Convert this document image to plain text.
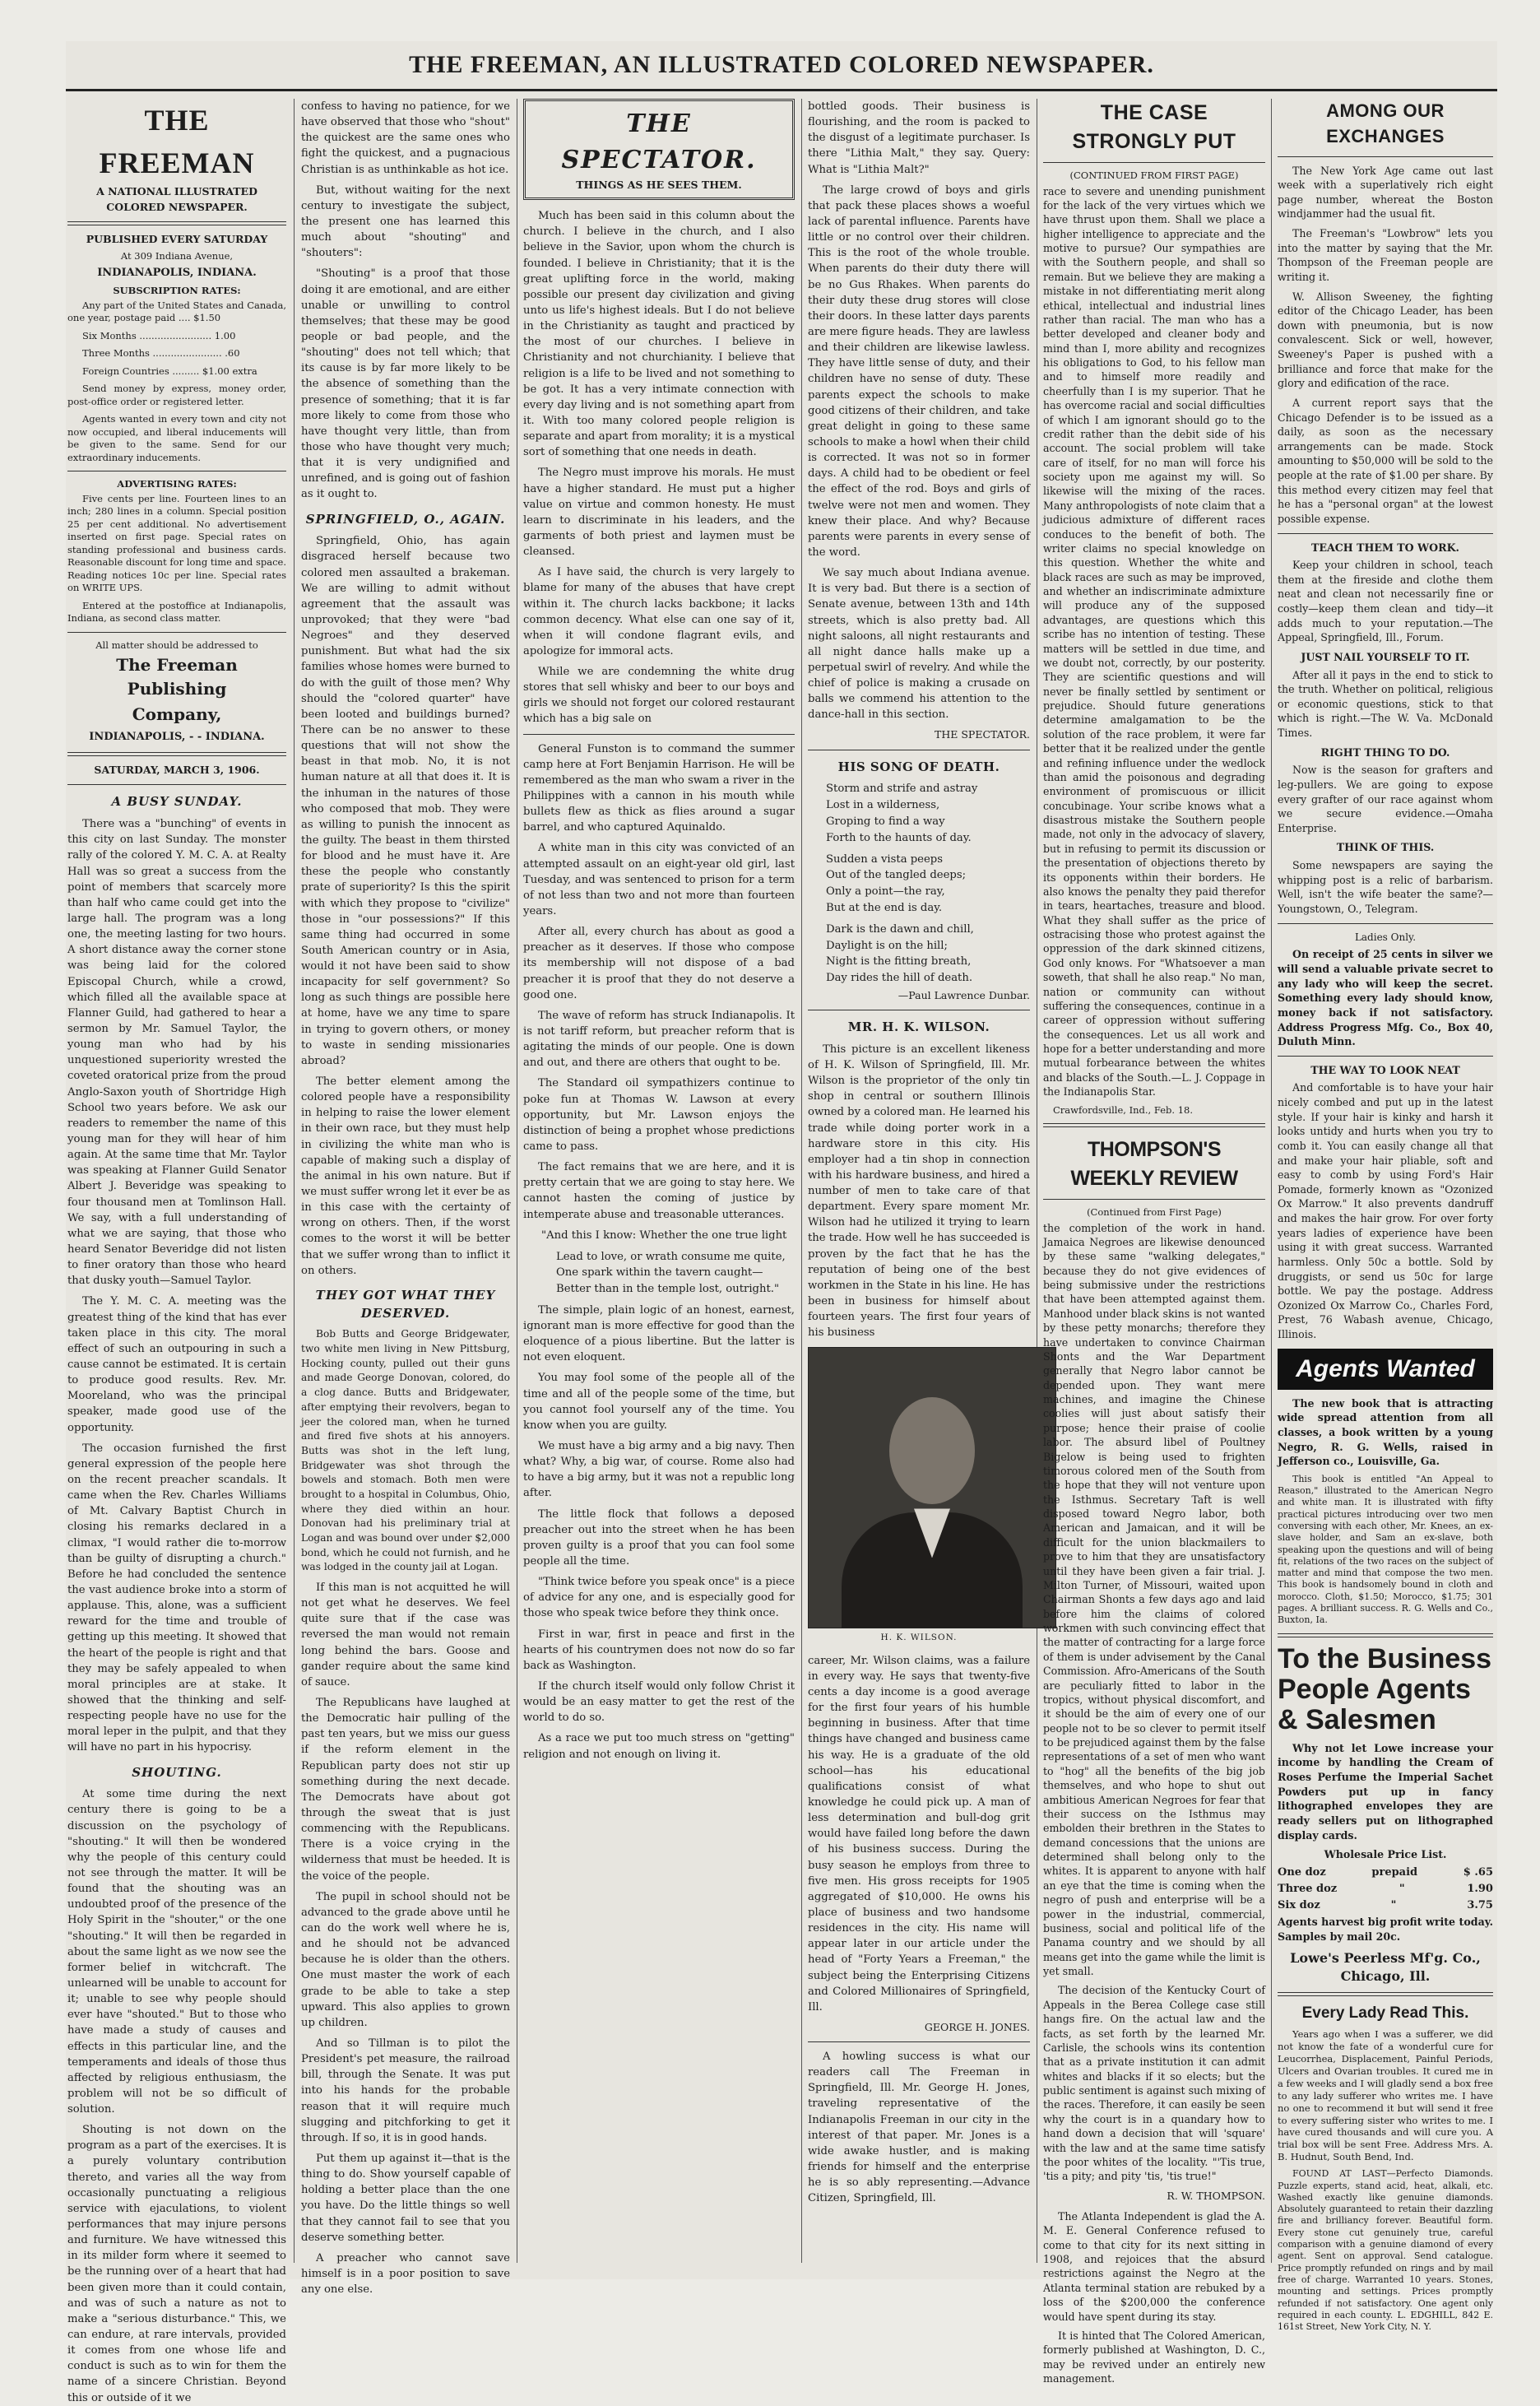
THE FREEMAN, AN ILLUSTRATED COLORED NEWSPAPER.
THE FREEMAN
A NATIONAL ILLUSTRATED
COLORED NEWSPAPER.
PUBLISHED EVERY SATURDAY
At 309 Indiana Avenue,
INDIANAPOLIS, INDIANA.
SUBSCRIPTION RATES:

Any part of the United States and Canada, one year, postage paid .... $1.50

Six Months ........................ 1.00

Three Months ....................... .60

Foreign Countries ......... $1.00 extra

Send money by express, money order, post-office order or registered letter.

Agents wanted in every town and city not now occupied, and liberal inducements will be given to the same. Send for our extraordinary inducements.

ADVERTISING RATES:

Five cents per line. Fourteen lines to an inch; 280 lines in a column. Special position 25 per cent additional. No advertisement inserted on first page. Special rates on standing professional and business cards. Reasonable discount for long time and space. Reading notices 10c per line. Special rates on WRITE UPS.

Entered at the postoffice at Indianapolis, Indiana, as second class matter.

All matter should be addressed to
The Freeman Publishing
Company,
INDIANAPOLIS, - - INDIANA.
SATURDAY, MARCH 3, 1906.
A BUSY SUNDAY.

There was a "bunching" of events in this city on last Sunday. The monster rally of the colored Y. M. C. A. at Realty Hall was so great a success from the point of members that scarcely more than half who came could get into the large hall. The program was a long one, the meeting lasting for two hours. A short distance away the corner stone was being laid for the colored Episcopal Church, while a crowd, which filled all the available space at Flanner Guild, had gathered to hear a sermon by Mr. Samuel Taylor, the young man who had by his unquestioned superiority wrested the coveted oratorical prize from the proud Anglo-Saxon youth of Shortridge High School two years before. We ask our readers to remember the name of this young man for they will hear of him again. At the same time that Mr. Taylor was speaking at Flanner Guild Senator Albert J. Beveridge was speaking to four thousand men at Tomlinson Hall. We say, with a full understanding of what we are saying, that those who heard Senator Beveridge did not listen to finer oratory than those who heard that dusky youth—Samuel Taylor.

The Y. M. C. A. meeting was the greatest thing of the kind that has ever taken place in this city. The moral effect of such an outpouring in such a cause cannot be estimated. It is certain to produce good results. Rev. Mr. Mooreland, who was the principal speaker, made good use of the opportunity.

The occasion furnished the first general expression of the people here on the recent preacher scandals. It came when the Rev. Charles Williams of Mt. Calvary Baptist Church in closing his remarks declared in a climax, "I would rather die to-morrow than be guilty of disrupting a church." Before he had concluded the sentence the vast audience broke into a storm of applause. This, alone, was a sufficient reward for the time and trouble of getting up this meeting. It showed that the heart of the people is right and that they may be safely appealed to when moral principles are at stake. It showed that the thinking and self-respecting people have no use for the moral leper in the pulpit, and that they will have no part in his hypocrisy.

SHOUTING.

At some time during the next century there is going to be a discussion on the psychology of "shouting." It will then be wondered why the people of this century could not see through the matter. It will be found that the shouting was an undoubted proof of the presence of the Holy Spirit in the "shouter," or the one "shouting." It will then be regarded in about the same light as we now see the former belief in witchcraft. The unlearned will be unable to account for it; unable to see why people should ever have "shouted." But to those who have made a study of causes and effects in this particular line, and the temperaments and ideals of those thus affected by religious enthusiasm, the problem will not be so difficult of solution.

Shouting is not down on the program as a part of the exercises. It is a purely voluntary contribution thereto, and varies all the way from occasionally punctuating a religious service with ejaculations, to violent performances that may injure persons and furniture. We have witnessed this in its milder form where it seemed to be the running over of a heart that had been given more than it could contain, and was of such a nature as not to make a "serious disturbance." This, we can endure, at rare intervals, provided it comes from one whose life and conduct is such as to win for them the name of a sincere Christian. Beyond this or outside of it we

confess to having no patience, for we have observed that those who "shout" the quickest are the same ones who fight the quickest, and a pugnacious Christian is as unthinkable as hot ice.

But, without waiting for the next century to investigate the subject, the present one has learned this much about "shouting" and "shouters":

"Shouting" is a proof that those doing it are emotional, and are either unable or unwilling to control themselves; that these may be good people or bad people, and the "shouting" does not tell which; that its cause is by far more likely to be the absence of something than the presence of something; that it is far more likely to come from those who have thought very little, than from those who have thought very much; that it is very undignified and unrefined, and is going out of fashion as it ought to.

SPRINGFIELD, O., AGAIN.

Springfield, Ohio, has again disgraced herself because two colored men assaulted a brakeman. We are willing to admit without agreement that the assault was unprovoked; that they were "bad Negroes" and they deserved punishment. But what had the six families whose homes were burned to do with the guilt of those men? Why should the "colored quarter" have been looted and buildings burned? There can be no answer to these questions that will not show the beast in that mob. No, it is not human nature at all that does it. It is the inhuman in the natures of those who composed that mob. They were as willing to punish the innocent as the guilty. The beast in them thirsted for blood and he must have it. Are these the people who constantly prate of superiority? Is this the spirit with which they propose to "civilize" those in "our possessions?" If this same thing had occurred in some South American country or in Asia, would it not have been said to show incapacity for self government? So long as such things are possible here at home, have we any time to spare in trying to govern others, or money to waste in sending missionaries abroad?

The better element among the colored people have a responsibility in helping to raise the lower element in their own race, but they must help in civilizing the white man who is capable of making such a display of the animal in his own nature. But if we must suffer wrong let it ever be as in this case with the certainty of wrong on others. Then, if the worst comes to the worst it will be better that we suffer wrong than to inflict it on others.

THEY GOT WHAT THEY
DESERVED.

Bob Butts and George Bridgewater, two white men living in New Pittsburg, Hocking county, pulled out their guns and made George Donovan, colored, do a clog dance. Butts and Bridgewater, after emptying their revolvers, began to jeer the colored man, when he turned and fired five shots at his annoyers. Butts was shot in the left lung, Bridgewater was shot through the bowels and stomach. Both men were brought to a hospital in Columbus, Ohio, where they died within an hour. Donovan had his preliminary trial at Logan and was bound over under $2,000 bond, which he could not furnish, and he was lodged in the county jail at Logan.

If this man is not acquitted he will not get what he deserves. We feel quite sure that if the case was reversed the man would not remain long behind the bars. Goose and gander require about the same kind of sauce.

The Republicans have laughed at the Democratic hair pulling of the past ten years, but we miss our guess if the reform element in the Republican party does not stir up something during the next decade. The Democrats have about got through the sweat that is just commencing with the Republicans. There is a voice crying in the wilderness that must be heeded. It is the voice of the people.

The pupil in school should not be advanced to the grade above until he can do the work well where he is, and he should not be advanced because he is older than the others. One must master the work of each grade to be able to take a step upward. This also applies to grown up children.

And so Tillman is to pilot the President's pet measure, the railroad bill, through the Senate. It was put into his hands for the probable reason that it will require much slugging and pitchforking to get it through. If so, it is in good hands.

Put them up against it—that is the thing to do. Show yourself capable of holding a better place than the one you have. Do the little things so well that they cannot fail to see that you deserve something better.

A preacher who cannot save himself is in a poor position to save any one else.

THE SPECTATOR.
THINGS AS HE SEES THEM.

Much has been said in this column about the church. I believe in the church, and I also believe in the Savior, upon whom the church is founded. I believe in Christianity; that it is the great uplifting force in the world, making possible our present day civilization and giving unto us life's highest ideals. But I do not believe in the Christianity as taught and practiced by the most of our churches. I believe in Christianity and not churchianity. I believe that religion is a life to be lived and not something to be got. It has a very intimate connection with every day living and is not something apart from it. With too many colored people religion is separate and apart from morality; it is a mystical sort of something that one needs in death.

The Negro must improve his morals. He must have a higher standard. He must put a higher value on virtue and common honesty. He must learn to discriminate in his leaders, and the garments of both priest and laymen must be cleansed.

As I have said, the church is very largely to blame for many of the abuses that have crept within it. The church lacks backbone; it lacks common decency. What else can one say of it, when it will condone flagrant evils, and apologize for immoral acts.

While we are condemning the white drug stores that sell whisky and beer to our boys and girls we should not forget our colored restaurant which has a big sale on

General Funston is to command the summer camp here at Fort Benjamin Harrison. He will be remembered as the man who swam a river in the Philippines with a cannon in his mouth while bullets flew as thick as flies around a sugar barrel, and who captured Aquinaldo.

A white man in this city was convicted of an attempted assault on an eight-year old girl, last Tuesday, and was sentenced to prison for a term of not less than two and not more than fourteen years.

After all, every church has about as good a preacher as it deserves. If those who compose its membership will not dispose of a bad preacher it is proof that they do not deserve a good one.

The wave of reform has struck Indianapolis. It is not tariff reform, but preacher reform that is agitating the minds of our people. One is down and out, and there are others that ought to be.

The Standard oil sympathizers continue to poke fun at Thomas W. Lawson at every opportunity, but Mr. Lawson enjoys the distinction of being a prophet whose predictions came to pass.

The fact remains that we are here, and it is pretty certain that we are going to stay here. We cannot hasten the coming of justice by intemperate abuse and treasonable utterances.

"And this I know: Whether the one true light
Lead to love, or wrath consume me quite,
One spark within the tavern caught—
Better than in the temple lost, outright."

The simple, plain logic of an honest, earnest, ignorant man is more effective for good than the eloquence of a pious libertine. But the latter is not even eloquent.

You may fool some of the people all of the time and all of the people some of the time, but you cannot fool yourself any of the time. You know when you are guilty.

We must have a big army and a big navy. Then what? Why, a big war, of course. Rome also had to have a big army, but it was not a republic long after.

The little flock that follows a deposed preacher out into the street when he has been proven guilty is a proof that you can fool some people all the time.

"Think twice before you speak once" is a piece of advice for any one, and is especially good for those who speak twice before they think once.

First in war, first in peace and first in the hearts of his countrymen does not now do so far back as Washington.

If the church itself would only follow Christ it would be an easy matter to get the rest of the world to do so.

As a race we put too much stress on "getting" religion and not enough on living it.

bottled goods. Their business is flourishing, and the room is packed to the disgust of a legitimate purchaser. Is there "Lithia Malt," they say. Query: What is "Lithia Malt?"

The large crowd of boys and girls that pack these places shows a woeful lack of parental influence. Parents have little or no control over their children. This is the root of the whole trouble. When parents do their duty there will be no Gus Rhakes. When parents do their duty these drug stores will close their doors. In these latter days parents are mere figure heads. They are lawless and their children are likewise lawless. They have little sense of duty, and their children have no sense of duty. These parents expect the schools to make good citizens of their children, and take great delight in going to these same schools to make a howl when their child is corrected. It was not so in former days. A child had to be obedient or feel the effect of the rod. Boys and girls of twelve were not men and women. They knew their place. And why? Because parents were parents in every sense of the word.

We say much about Indiana avenue. It is very bad. But there is a section of Senate avenue, between 13th and 14th streets, which is also pretty bad. All night saloons, all night restaurants and all night dance halls make up a perpetual swirl of revelry. And while the chief of police is making a crusade on balls we commend his attention to the dance-hall in this section.

THE SPECTATOR.
HIS SONG OF DEATH.
Storm and strife and astray
Lost in a wilderness,
Groping to find a way
Forth to the haunts of day.
Sudden a vista peeps
Out of the tangled deeps;
Only a point—the ray,
But at the end is day.
Dark is the dawn and chill,
Daylight is on the hill;
Night is the fitting breath,
Day rides the hill of death.
—Paul Lawrence Dunbar.
MR. H. K. WILSON.

This picture is an excellent likeness of H. K. Wilson of Springfield, Ill. Mr. Wilson is the proprietor of the only tin shop in central or southern Illinois owned by a colored man. He learned his trade while doing porter work in a hardware store in this city. His employer had a tin shop in connection with his hardware business, and hired a number of men to take care of that department. Every spare moment Mr. Wilson had he utilized it trying to learn the trade. How well he has succeeded is proven by the fact that he has the reputation of being one of the best workmen in the State in his line. He has been in business for himself about fourteen years. The first four years of his business

H. K. WILSON.

career, Mr. Wilson claims, was a failure in every way. He says that twenty-five cents a day income is a good average for the first four years of his humble beginning in business. After that time things have changed and business came his way. He is a graduate of the old school—has his educational qualifications consist of what knowledge he could pick up. A man of less determination and bull-dog grit would have failed long before the dawn of his business success. During the busy season he employs from three to five men. His gross receipts for 1905 aggregated of $10,000. He owns his place of business and two handsome residences in the city. His name will appear later in our article under the head of "Forty Years a Freeman," the subject being the Enterprising Citizens and Colored Millionaires of Springfield, Ill.

GEORGE H. JONES.

A howling success is what our readers call The Freeman in Springfield, Ill. Mr. George H. Jones, traveling representative of the Indianapolis Freeman in our city in the interest of that paper. Mr. Jones is a wide awake hustler, and is making friends for himself and the enterprise he is so ably representing.—Advance Citizen, Springfield, Ill.

THE CASE STRONGLY PUT
(CONTINUED FROM FIRST PAGE)

race to severe and unending punishment for the lack of the very virtues which we have thrust upon them. Shall we place a higher intelligence to appreciate and the motive to pursue? Our sympathies are with the Southern people, and shall so remain. But we believe they are making a mistake in not differentiating merit along ethical, intellectual and industrial lines rather than racial. The man who has a better developed and cleaner body and mind than I, more ability and recognizes his obligations to God, to his fellow man and to himself more readily and cheerfully than I is my superior. That he has overcome racial and social difficulties of which I am ignorant should go to the credit rather than the debit side of his account. The social problem will take care of itself, for no man will force his society upon me against my will. So likewise will the mixing of the races. Many anthropologists of note claim that a judicious admixture of different races conduces to the benefit of both. The writer claims no special knowledge on this question. Whether the white and black races are such as may be improved, and whether an indiscriminate admixture will produce any of the supposed advantages, are questions which this scribe has no intention of testing. These matters will be settled in due time, and we doubt not, correctly, by our posterity. They are scientific questions and will never be finally settled by sentiment or prejudice. Should future generations determine amalgamation to be the solution of the race problem, it were far better that it be realized under the gentle and refining influence under the wedlock than amid the poisonous and degrading environment of promiscuous or illicit concubinage. Your scribe knows what a disastrous mistake the Southern people made, not only in the advocacy of slavery, but in refusing to permit its discussion or the presentation of objections thereto by its opponents within their borders. He also knows the penalty they paid therefor in tears, heartaches, treasure and blood. What they shall suffer as the price of ostracising those who protest against the oppression of the dark skinned citizens, God only knows. For "Whatsoever a man soweth, that shall he also reap." No man, nation or community can without suffering the consequences, continue in a career of oppression without suffering the consequences. Let us all work and hope for a better understanding and more mutual forbearance between the whites and blacks of the South.—L. J. Coppage in the Indianapolis Star.

Crawfordsville, Ind., Feb. 18.
THOMPSON'S WEEKLY REVIEW
(Continued from First Page)

the completion of the work in hand. Jamaica Negroes are likewise denounced by these same "walking delegates," because they do not give evidences of being submissive under the restrictions that have been attempted against them. Manhood under black skins is not wanted by these petty monarchs; therefore they have undertaken to convince Chairman Shonts and the War Department generally that Negro labor cannot be depended upon. They want mere machines, and imagine the Chinese coolies will just about satisfy their purpose; hence their praise of coolie labor. The absurd libel of Poultney Bigelow is being used to frighten timorous colored men of the South from the hope that they will not venture upon the Isthmus. Secretary Taft is well disposed toward Negro labor, both American and Jamaican, and it will be difficult for the union blackmailers to prove to him that they are unsatisfactory until they have been given a fair trial. J. Milton Turner, of Missouri, waited upon Chairman Shonts a few days ago and laid before him the claims of colored workmen with such convincing effect that the matter of contracting for a large force of them is under advisement by the Canal Commission. Afro-Americans of the South are peculiarly fitted to labor in the tropics, without physical discomfort, and it should be the aim of every one of our people not to be so clever to permit itself to be prejudiced against them by the false representations of a set of men who want to "hog" all the benefits of the big job themselves, and who hope to shut out ambitious American Negroes for fear that their success on the Isthmus may embolden their brethren in the States to demand concessions that the unions are determined shall belong only to the whites. It is apparent to anyone with half an eye that the time is coming when the negro of push and enterprise will be a power in the industrial, commercial, business, social and political life of the Panama country and we should by all means get into the game while the limit is yet small.

The decision of the Kentucky Court of Appeals in the Berea College case still hangs fire. On the actual law and the facts, as set forth by the learned Mr. Carlisle, the schools wins its contention that as a private institution it can admit whites and blacks if it so elects; but the public sentiment is against such mixing of the races. Therefore, it can easily be seen why the court is in a quandary how to hand down a decision that will 'square' with the law and at the same time satisfy the poor whites of the locality. "'Tis true, 'tis a pity; and pity 'tis, 'tis true!"

R. W. THOMPSON.

The Atlanta Independent is glad the A. M. E. General Conference refused to come to that city for its next sitting in 1908, and rejoices that the absurd restrictions against the Negro at the Atlanta terminal station are rebuked by a loss of the $200,000 the conference would have spent during its stay.

It is hinted that The Colored American, formerly published at Washington, D. C., may be revived under an entirely new management.

AMONG OUR EXCHANGES

The New York Age came out last week with a superlatively rich eight page number, whereat the Boston windjammer had the usual fit.

The Freeman's "Lowbrow" lets you into the matter by saying that the Mr. Thompson of the Freeman people are writing it.

W. Allison Sweeney, the fighting editor of the Chicago Leader, has been down with pneumonia, but is now convalescent. Sick or well, however, Sweeney's Paper is pushed with a brilliance and force that make for the glory and edification of the race.

A current report says that the Chicago Defender is to be issued as a daily, as soon as the necessary arrangements can be made. Stock amounting to $50,000 will be sold to the people at the rate of $1.00 per share. By this method every citizen may feel that he has a "personal organ" at the lowest possible expense.

TEACH THEM TO WORK.

Keep your children in school, teach them at the fireside and clothe them neat and clean not necessarily fine or costly—keep them clean and tidy—it adds much to your reputation.—The Appeal, Springfield, Ill., Forum.

JUST NAIL YOURSELF TO IT.

After all it pays in the end to stick to the truth. Whether on political, religious or economic questions, stick to that which is right.—The W. Va. McDonald Times.

RIGHT THING TO DO.

Now is the season for grafters and leg-pullers. We are going to expose every grafter of our race against whom we secure evidence.—Omaha Enterprise.

THINK OF THIS.

Some newspapers are saying the whipping post is a relic of barbarism. Well, isn't the wife beater the same?—Youngstown, O., Telegram.

Ladies Only.

On receipt of 25 cents in silver we will send a valuable private secret to any lady who will keep the secret. Something every lady should know, money back if not satisfactory. Address Progress Mfg. Co., Box 40, Duluth Minn.

THE WAY TO LOOK NEAT

And comfortable is to have your hair nicely combed and put up in the latest style. If your hair is kinky and harsh it looks untidy and hurts when you try to comb it. You can easily change all that and make your hair pliable, soft and easy to comb by using Ford's Hair Pomade, formerly known as "Ozonized Ox Marrow." It also prevents dandruff and makes the hair grow. For over forty years ladies of experience have been using it with great success. Warranted harmless. Only 50c a bottle. Sold by druggists, or send us 50c for large bottle. We pay the postage. Address Ozonized Ox Marrow Co., Charles Ford, Prest, 76 Wabash avenue, Chicago, Illinois.

Agents Wanted

The new book that is attracting wide spread attention from all classes, a book written by a young Negro, R. G. Wells, raised in Jefferson co., Louisville, Ga.

This book is entitled "An Appeal to Reason," illustrated to the American Negro and white man. It is illustrated with fifty practical pictures introducing over two men conversing with each other, Mr. Knees, an ex-slave holder, and Sam an ex-slave, both speaking upon the questions and will of being fit, relations of the two races on the subject of matter and mind that compose the two men. This book is handsomely bound in cloth and morocco. Cloth, $1.50; Morocco, $1.75; 301 pages. A brilliant success. R. G. Wells and Co., Buxton, Ia.

To the Business People Agents & Salesmen

Why not let Lowe increase your income by handling the Cream of Roses Perfume the Imperial Sachet Powders put up in fancy lithographed envelopes they are ready sellers put on lithographed display cards.

Wholesale Price List.
One doz	prepaid	$ .65
Three doz	"	1.90
Six doz	"	3.75

Agents harvest big profit write today. Samples by mail 20c.

Lowe's Peerless Mf'g. Co., Chicago, Ill.
Every Lady Read This.

Years ago when I was a sufferer, we did not know the fate of a wonderful cure for Leucorrhea, Displacement, Painful Periods, Ulcers and Ovarian troubles. It cured me in a few weeks and I will gladly send a box free to any lady sufferer who writes me. I have no one to recommend it but will send it free to every suffering sister who writes to me. I have cured thousands and will cure you. A trial box will be sent Free. Address Mrs. A. B. Hudnut, South Bend, Ind.

FOUND AT LAST—Perfecto Diamonds. Puzzle experts, stand acid, heat, alkali, etc. Washed exactly like genuine diamonds. Absolutely guaranteed to retain their dazzling fire and brilliancy forever. Beautiful form. Every stone cut genuinely true, careful comparison with a genuine diamond of every agent. Sent on approval. Send catalogue. Price promptly refunded on rings and by mail free of charge. Warranted 10 years. Stones, mounting and settings. Prices promptly refunded if not satisfactory. One agent only required in each county. L. EDGHILL, 842 E. 161st Street, New York City, N. Y.
